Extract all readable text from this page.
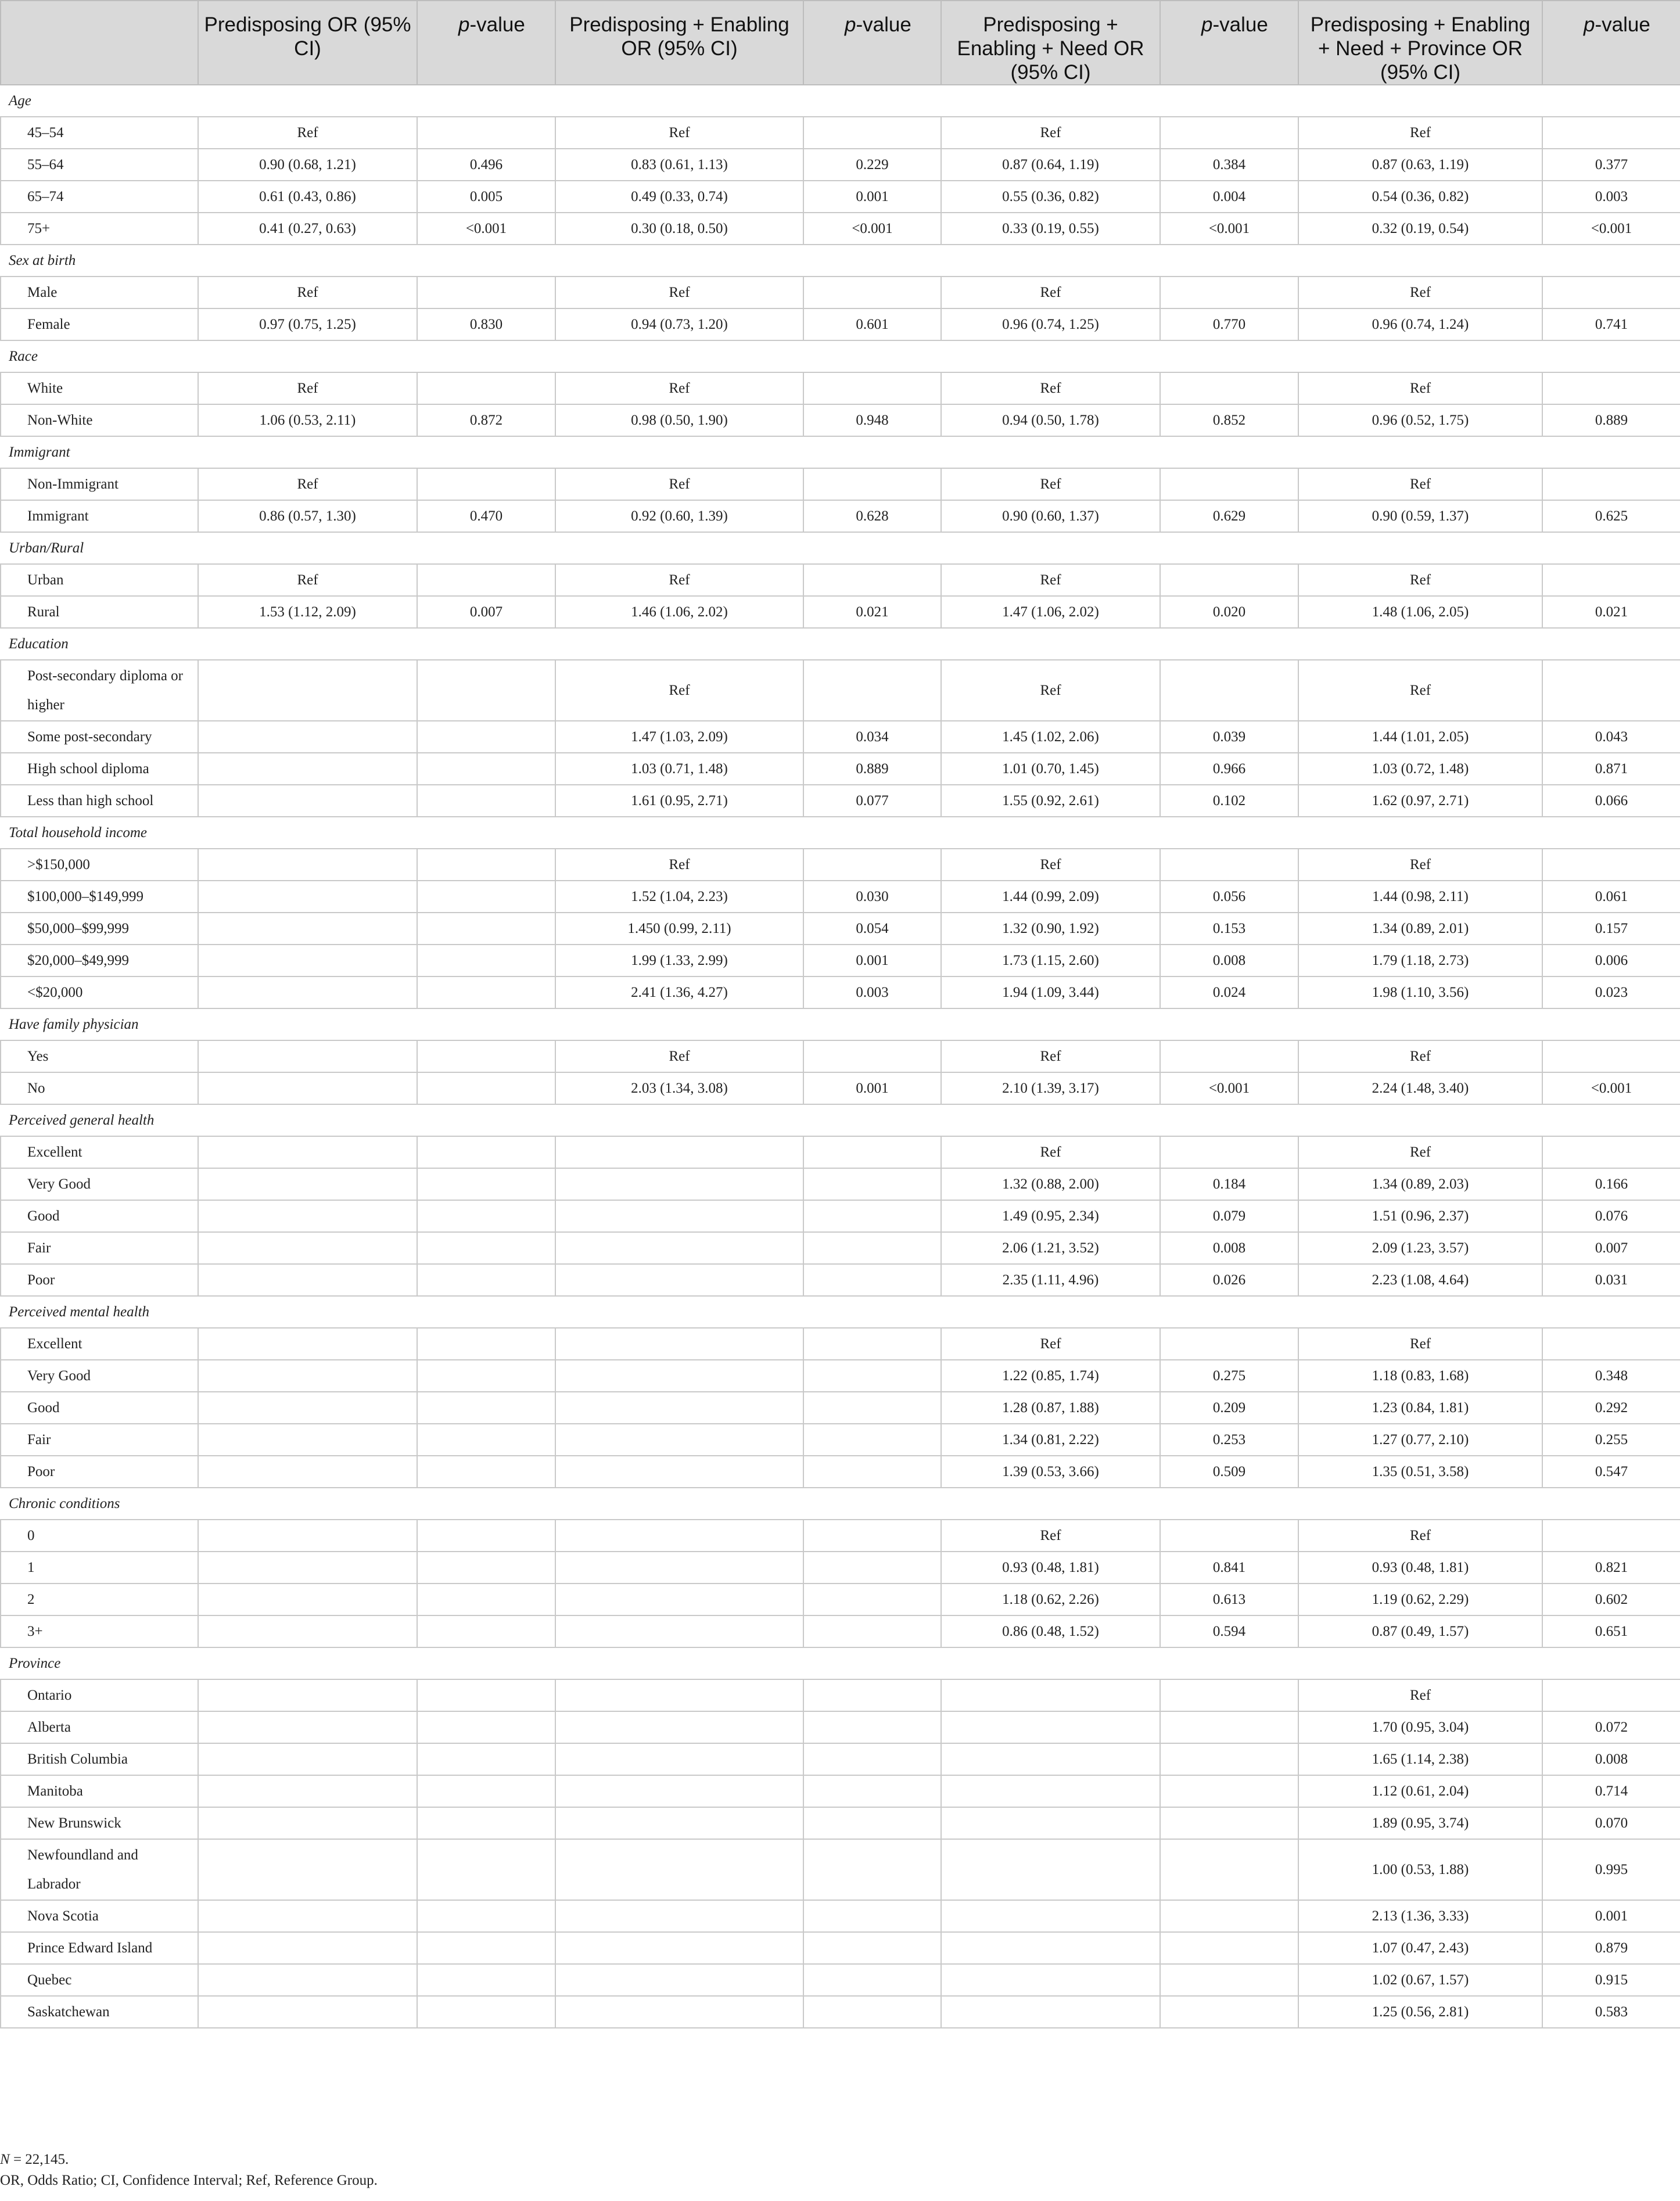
	Predisposing OR (95% CI)	p-value	Predisposing + Enabling OR (95% CI)	p-value	Predisposing + Enabling + Need OR (95% CI)	p-value	Predisposing + Enabling + Need + Province OR (95% CI)	p-value
Age								
45–54	Ref		Ref		Ref		Ref	
55–64	0.90 (0.68, 1.21)	0.496	0.83 (0.61, 1.13)	0.229	0.87 (0.64, 1.19)	0.384	0.87 (0.63, 1.19)	0.377
65–74	0.61 (0.43, 0.86)	0.005	0.49 (0.33, 0.74)	0.001	0.55 (0.36, 0.82)	0.004	0.54 (0.36, 0.82)	0.003
75+	0.41 (0.27, 0.63)	<0.001	0.30 (0.18, 0.50)	<0.001	0.33 (0.19, 0.55)	<0.001	0.32 (0.19, 0.54)	<0.001
Sex at birth								
Male	Ref		Ref		Ref		Ref	
Female	0.97 (0.75, 1.25)	0.830	0.94 (0.73, 1.20)	0.601	0.96 (0.74, 1.25)	0.770	0.96 (0.74, 1.24)	0.741
Race								
White	Ref		Ref		Ref		Ref	
Non-White	1.06 (0.53, 2.11)	0.872	0.98 (0.50, 1.90)	0.948	0.94 (0.50, 1.78)	0.852	0.96 (0.52, 1.75)	0.889
Immigrant								
Non-Immigrant	Ref		Ref		Ref		Ref	
Immigrant	0.86 (0.57, 1.30)	0.470	0.92 (0.60, 1.39)	0.628	0.90 (0.60, 1.37)	0.629	0.90 (0.59, 1.37)	0.625
Urban/Rural								
Urban	Ref		Ref		Ref		Ref	
Rural	1.53 (1.12, 2.09)	0.007	1.46 (1.06, 2.02)	0.021	1.47 (1.06, 2.02)	0.020	1.48 (1.06, 2.05)	0.021
Education								
Post-secondary diploma or higher			Ref		Ref		Ref	
Some post-secondary			1.47 (1.03, 2.09)	0.034	1.45 (1.02, 2.06)	0.039	1.44 (1.01, 2.05)	0.043
High school diploma			1.03 (0.71, 1.48)	0.889	1.01 (0.70, 1.45)	0.966	1.03 (0.72, 1.48)	0.871
Less than high school			1.61 (0.95, 2.71)	0.077	1.55 (0.92, 2.61)	0.102	1.62 (0.97, 2.71)	0.066
Total household income								
>$150,000			Ref		Ref		Ref	
$100,000–$149,999			1.52 (1.04, 2.23)	0.030	1.44 (0.99, 2.09)	0.056	1.44 (0.98, 2.11)	0.061
$50,000–$99,999			1.450 (0.99, 2.11)	0.054	1.32 (0.90, 1.92)	0.153	1.34 (0.89, 2.01)	0.157
$20,000–$49,999			1.99 (1.33, 2.99)	0.001	1.73 (1.15, 2.60)	0.008	1.79 (1.18, 2.73)	0.006
<$20,000			2.41 (1.36, 4.27)	0.003	1.94 (1.09, 3.44)	0.024	1.98 (1.10, 3.56)	0.023
Have family physician								
Yes			Ref		Ref		Ref	
No			2.03 (1.34, 3.08)	0.001	2.10 (1.39, 3.17)	<0.001	2.24 (1.48, 3.40)	<0.001
Perceived general health								
Excellent					Ref		Ref	
Very Good					1.32 (0.88, 2.00)	0.184	1.34 (0.89, 2.03)	0.166
Good					1.49 (0.95, 2.34)	0.079	1.51 (0.96, 2.37)	0.076
Fair					2.06 (1.21, 3.52)	0.008	2.09 (1.23, 3.57)	0.007
Poor					2.35 (1.11, 4.96)	0.026	2.23 (1.08, 4.64)	0.031
Perceived mental health								
Excellent					Ref		Ref	
Very Good					1.22 (0.85, 1.74)	0.275	1.18 (0.83, 1.68)	0.348
Good					1.28 (0.87, 1.88)	0.209	1.23 (0.84, 1.81)	0.292
Fair					1.34 (0.81, 2.22)	0.253	1.27 (0.77, 2.10)	0.255
Poor					1.39 (0.53, 3.66)	0.509	1.35 (0.51, 3.58)	0.547
Chronic conditions								
0					Ref		Ref	
1					0.93 (0.48, 1.81)	0.841	0.93 (0.48, 1.81)	0.821
2					1.18 (0.62, 2.26)	0.613	1.19 (0.62, 2.29)	0.602
3+					0.86 (0.48, 1.52)	0.594	0.87 (0.49, 1.57)	0.651
Province								
Ontario							Ref	
Alberta							1.70 (0.95, 3.04)	0.072
British Columbia							1.65 (1.14, 2.38)	0.008
Manitoba							1.12 (0.61, 2.04)	0.714
New Brunswick							1.89 (0.95, 3.74)	0.070
Newfoundland and Labrador							1.00 (0.53, 1.88)	0.995
Nova Scotia							2.13 (1.36, 3.33)	0.001
Prince Edward Island							1.07 (0.47, 2.43)	0.879
Quebec							1.02 (0.67, 1.57)	0.915
Saskatchewan							1.25 (0.56, 2.81)	0.583
N = 22,145.
OR, Odds Ratio; CI, Confidence Interval; Ref, Reference Group.
